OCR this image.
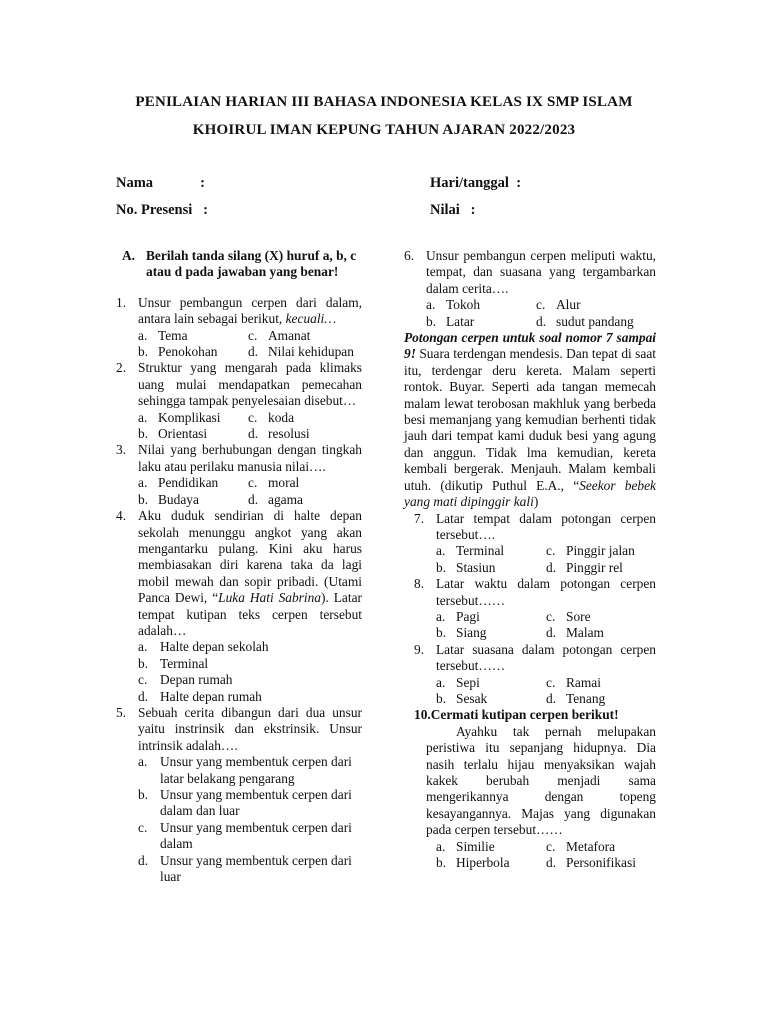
PENILAIAN HARIAN III BAHASA INDONESIA KELAS IX SMP ISLAM
KHOIRUL IMAN KEPUNG TAHUN AJARAN 2022/2023
Nama             :
No. Presensi   :
Hari/tanggal  :
Nilai   :
A. Berilah tanda silang (X) huruf a, b, c atau d pada jawaban yang benar!
1. Unsur pembangun cerpen dari dalam, antara lain sebagai berikut, kecuali…
a. Tema	c. Amanat
b. Penokohan d. Nilai kehidupan
2. Struktur yang mengarah pada klimaks uang mulai mendapatkan pemecahan sehingga tampak penyelesaian disebut…
a. Komplikasi c. koda
b. Orientasi	d. resolusi
3. Nilai yang berhubungan dengan tingkah laku atau perilaku manusia nilai….
a. Pendidikan c. moral
b. Budaya	d. agama
4. Aku duduk sendirian di halte depan sekolah menunggu angkot yang akan mengantarku pulang. Kini aku harus membiasakan diri karena taka da lagi mobil mewah dan sopir pribadi. (Utami Panca Dewi, “Luka Hati Sabrina). Latar tempat kutipan teks cerpen tersebut adalah…
a. Halte depan sekolah
b. Terminal
c. Depan rumah
d. Halte depan rumah
5. Sebuah cerita dibangun dari dua unsur yaitu instrinsik dan ekstrinsik. Unsur intrinsik adalah….
a. Unsur yang membentuk cerpen dari latar belakang pengarang
b. Unsur yang membentuk cerpen dari dalam dan luar
c. Unsur yang membentuk cerpen dari dalam
d. Unsur yang membentuk cerpen dari luar
6. Unsur pembangun cerpen meliputi waktu, tempat, dan suasana yang tergambarkan dalam cerita….
a. Tokoh	c. Alur
b. Latar	d. sudut pandang
Potongan cerpen untuk soal nomor 7 sampai 9! Suara terdengan mendesis. Dan tepat di saat itu, terdengar deru kereta. Malam seperti rontok. Buyar. Seperti ada tangan memecah malam lewat terobosan makhluk yang berbeda besi memanjang yang kemudian berhenti tidak jauh dari tempat kami duduk besi yang agung dan anggun. Tidak lma kemudian, kereta kembali bergerak. Menjauh. Malam kembali utuh. (dikutip Puthul E.A., “Seekor bebek yang mati dipinggir kali)
7. Latar tempat dalam potongan cerpen tersebut….
a. Terminal	c. Pinggir jalan
b. Stasiun	d. Pinggir rel
8. Latar waktu dalam potongan cerpen tersebut……
a. Pagi	c. Sore
b. Siang	d. Malam
9. Latar suasana dalam potongan cerpen tersebut……
a. Sepi	c. Ramai
b. Sesak	d. Tenang
10. Cermati kutipan cerpen berikut!
Ayahku tak pernah melupakan peristiwa itu sepanjang hidupnya. Dia nasih terlalu hijau menyaksikan wajah kakek berubah menjadi sama mengerikannya dengan topeng kesayangannya. Majas yang digunakan pada cerpen tersebut……
a. Similie	c. Metafora
b. Hiperbola	d. Personifikasi
